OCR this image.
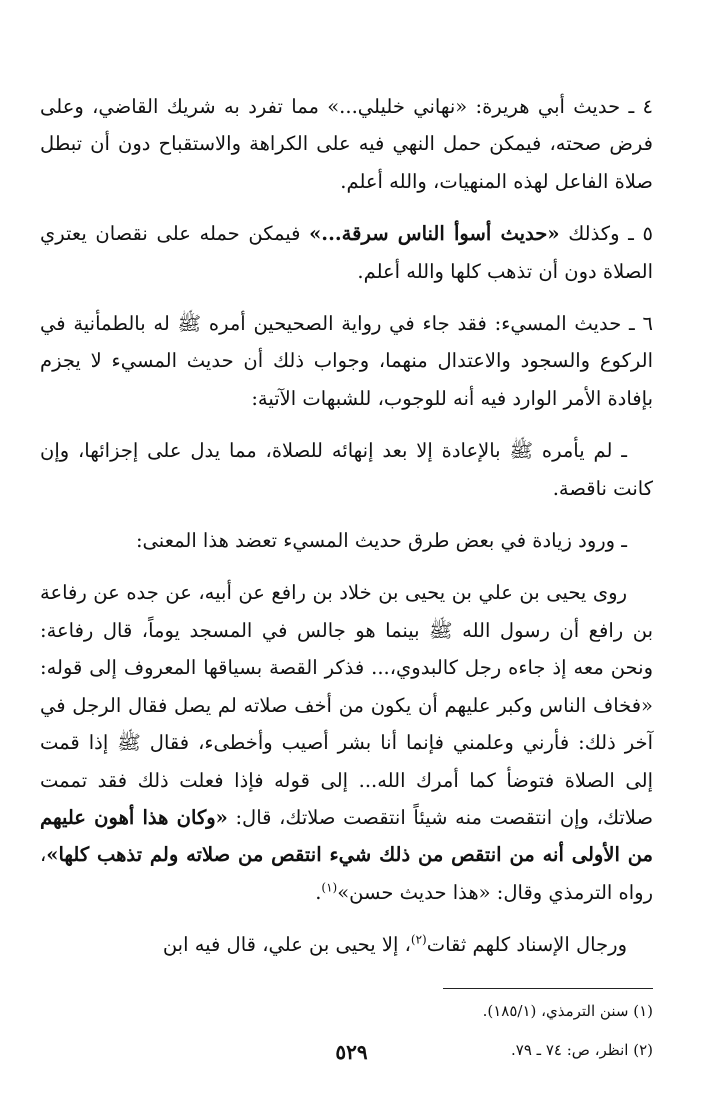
٤ ـ حديث أبي هريرة: «نهاني خليلي...» مما تفرد به شريك القاضي، وعلى فرض صحته، فيمكن حمل النهي فيه على الكراهة والاستقباح دون أن تبطل صلاة الفاعل لهذه المنهيات، والله أعلم.

٥ ـ وكذلك «حديث أسوأ الناس سرقة...» فيمكن حمله على نقصان يعتري الصلاة دون أن تذهب كلها والله أعلم.

٦ ـ حديث المسيء: فقد جاء في رواية الصحيحين أمره ﷺ له بالطمأنية في الركوع والسجود والاعتدال منهما، وجواب ذلك أن حديث المسيء لا يجزم بإفادة الأمر الوارد فيه أنه للوجوب، للشبهات الآتية:

ـ لم يأمره ﷺ بالإعادة إلا بعد إنهائه للصلاة، مما يدل على إجزائها، وإن كانت ناقصة.

ـ ورود زيادة في بعض طرق حديث المسيء تعضد هذا المعنى:

روى يحيى بن علي بن يحيى بن خلاد بن رافع عن أبيه، عن جده عن رفاعة بن رافع أن رسول الله ﷺ بينما هو جالس في المسجد يوماً، قال رفاعة: ونحن معه إذ جاءه رجل كالبدوي،... فذكر القصة بسياقها المعروف إلى قوله: «فخاف الناس وكبر عليهم أن يكون من أخف صلاته لم يصل فقال الرجل في آخر ذلك: فأرني وعلمني فإنما أنا بشر أصيب وأخطىء، فقال ﷺ إذا قمت إلى الصلاة فتوضأ كما أمرك الله... إلى قوله فإذا فعلت ذلك فقد تممت صلاتك، وإن انتقصت منه شيئاً انتقصت صلاتك، قال: «وكان هذا أهون عليهم من الأولى أنه من انتقص من ذلك شيء انتقص من صلاته ولم تذهب كلها»، رواه الترمذي وقال: «هذا حديث حسن»$^{(١)}$.

ورجال الإسناد كلهم ثقات$^{(٢)}$، إلا يحيى بن علي، قال فيه ابن

(١) سنن الترمذي، (١٨٥/١).

(٢) انظر، ص: ٧٤ ـ ٧٩.

٥٢٩
